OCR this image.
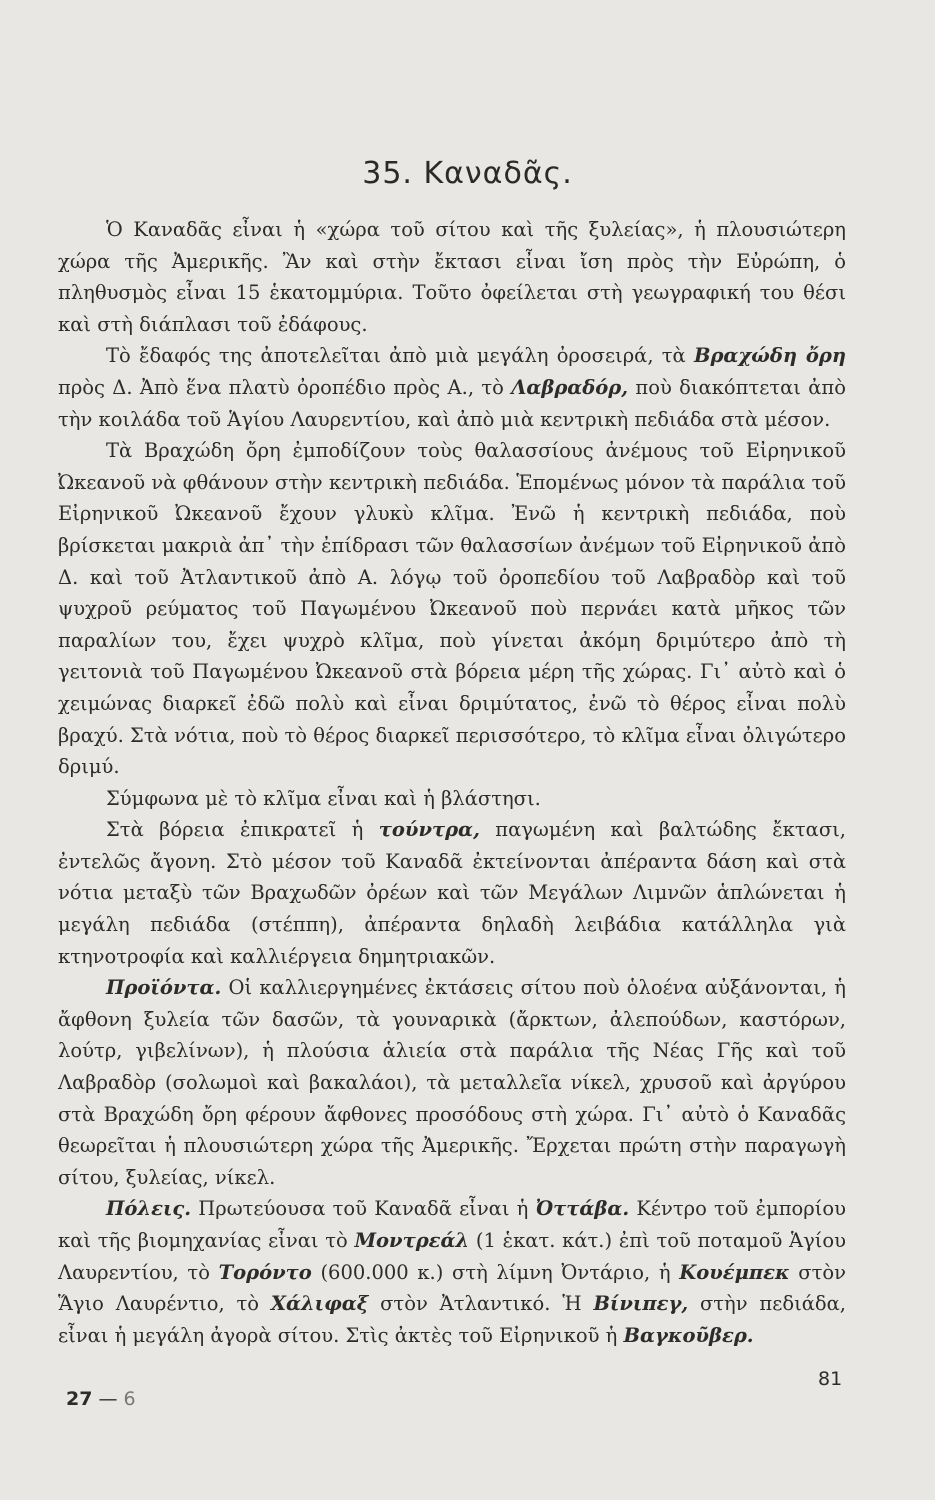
35. Καναδᾶς.

Ὁ Καναδᾶς εἶναι ἡ «χώρα τοῦ σίτου καὶ τῆς ξυλείας», ἡ πλουσιώτερη χώρα τῆς Ἀμερικῆς. Ἂν καὶ στὴν ἔκτασι εἶναι ἴση πρὸς τὴν Εὐρώπη, ὁ πληθυσμὸς εἶναι 15 ἑκατομμύρια. Τοῦτο ὀφείλεται στὴ γεωγραφική του θέσι καὶ στὴ διάπλασι τοῦ ἐδάφους.

Τὸ ἔδαφός της ἀποτελεῖται ἀπὸ μιὰ μεγάλη ὀροσειρά, τὰ Βραχώδη ὄρη πρὸς Δ. Ἀπὸ ἕνα πλατὺ ὀροπέδιο πρὸς Α., τὸ Λαβραδόρ, ποὺ διακόπτεται ἀπὸ τὴν κοιλάδα τοῦ Ἁγίου Λαυρεντίου, καὶ ἀπὸ μιὰ κεντρικὴ πεδιάδα στὰ μέσον.

Τὰ Βραχώδη ὄρη ἐμποδίζουν τοὺς θαλασσίους ἀνέμους τοῦ Εἰρηνικοῦ Ὠκεανοῦ νὰ φθάνουν στὴν κεντρικὴ πεδιάδα. Ἑπομένως μόνον τὰ παράλια τοῦ Εἰρηνικοῦ Ὠκεανοῦ ἔχουν γλυκὺ κλῖμα. Ἐνῶ ἡ κεντρικὴ πεδιάδα, ποὺ βρίσκεται μακριὰ ἀπ᾿ τὴν ἐπίδρασι τῶν θαλασσίων ἀνέμων τοῦ Εἰρηνικοῦ ἀπὸ Δ. καὶ τοῦ Ἀτλαντικοῦ ἀπὸ Α. λόγῳ τοῦ ὀροπεδίου τοῦ Λαβραδὸρ καὶ τοῦ ψυχροῦ ρεύματος τοῦ Παγωμένου Ὠκεανοῦ ποὺ περνάει κατὰ μῆκος τῶν παραλίων του, ἔχει ψυχρὸ κλῖμα, ποὺ γίνεται ἀκόμη δριμύτερο ἀπὸ τὴ γειτονιὰ τοῦ Παγωμένου Ὠκεανοῦ στὰ βόρεια μέρη τῆς χώρας. Γι᾿ αὐτὸ καὶ ὁ χειμώνας διαρκεῖ ἐδῶ πολὺ καὶ εἶναι δριμύτατος, ἐνῶ τὸ θέρος εἶναι πολὺ βραχύ. Στὰ νότια, ποὺ τὸ θέρος διαρκεῖ περισσότερο, τὸ κλῖμα εἶναι ὀλιγώτερο δριμύ.

Σύμφωνα μὲ τὸ κλῖμα εἶναι καὶ ἡ βλάστησι.

Στὰ βόρεια ἐπικρατεῖ ἡ τούντρα, παγωμένη καὶ βαλτώδης ἔκτασι, ἐντελῶς ἄγονη. Στὸ μέσον τοῦ Καναδᾶ ἐκτείνονται ἀπέραντα δάση καὶ στὰ νότια μεταξὺ τῶν Βραχωδῶν ὀρέων καὶ τῶν Μεγάλων Λιμνῶν ἁπλώνεται ἡ μεγάλη πεδιάδα (στέππη), ἀπέραντα δηλαδὴ λειβάδια κατάλληλα γιὰ κτηνοτροφία καὶ καλλιέργεια δημητριακῶν.

Προϊόντα. Οἱ καλλιεργημένες ἐκτάσεις σίτου ποὺ ὁλοένα αὐξάνονται, ἡ ἄφθονη ξυλεία τῶν δασῶν, τὰ γουναρικὰ (ἄρκτων, ἀλεπούδων, καστόρων, λούτρ, γιβελίνων), ἡ πλούσια ἁλιεία στὰ παράλια τῆς Νέας Γῆς καὶ τοῦ Λαβραδὸρ (σολωμοὶ καὶ βακαλάοι), τὰ μεταλλεῖα νίκελ, χρυσοῦ καὶ ἀργύρου στὰ Βραχώδη ὄρη φέρουν ἄφθονες προσόδους στὴ χώρα. Γι᾿ αὐτὸ ὁ Καναδᾶς θεωρεῖται ἡ πλουσιώτερη χώρα τῆς Ἀμερικῆς. Ἔρχεται πρώτη στὴν παραγωγὴ σίτου, ξυλείας, νίκελ.

Πόλεις. Πρωτεύουσα τοῦ Καναδᾶ εἶναι ἡ Ὀττάβα. Κέντρο τοῦ ἐμπορίου καὶ τῆς βιομηχανίας εἶναι τὸ Μοντρεάλ (1 ἑκατ. κάτ.) ἐπὶ τοῦ ποταμοῦ Ἁγίου Λαυρεντίου, τὸ Τορόντο (600.000 κ.) στὴ λίμνη Ὀντάριο, ἡ Κουέμπεκ στὸν Ἅγιο Λαυρέντιο, τὸ Χάλιφαξ στὸν Ἀτλαντικό. Ἡ Βίνιπεγ, στὴν πεδιάδα, εἶναι ἡ μεγάλη ἀγορὰ σίτου. Στὶς ἀκτὲς τοῦ Εἰρηνικοῦ ἡ Βαγκοῦβερ.

27 — 6
81
